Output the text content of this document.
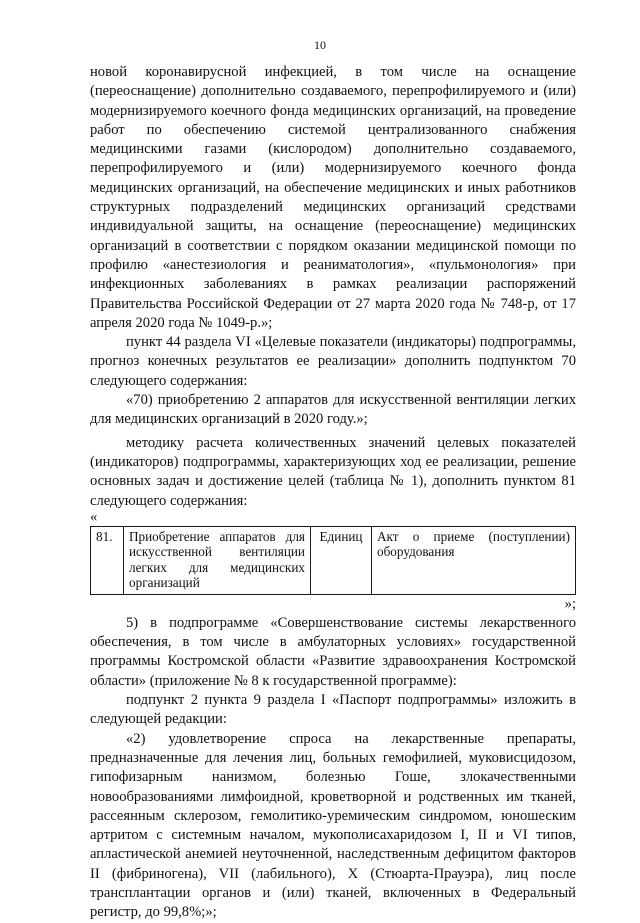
10

новой коронавирусной инфекцией, в том числе на оснащение (переоснащение) дополнительно создаваемого, перепрофилируемого и (или) модернизируемого коечного фонда медицинских организаций, на проведение работ по обеспечению системой централизованного снабжения медицинскими газами (кислородом) дополнительно создаваемого, перепрофилируемого и (или) модернизируемого коечного фонда медицинских организаций, на обеспечение медицинских и иных работников структурных подразделений медицинских организаций средствами индивидуальной защиты, на оснащение (переоснащение) медицинских организаций в соответствии с порядком оказании медицинской помощи по профилю «анестезиология и реаниматология», «пульмонология» при инфекционных заболеваниях в рамках реализации распоряжений Правительства Российской Федерации от 27 марта 2020 года № 748-р, от 17 апреля 2020 года № 1049-р.»;

пункт 44 раздела VI «Целевые показатели (индикаторы) подпрограммы, прогноз конечных результатов ее реализации» дополнить подпунктом 70 следующего содержания:

«70) приобретению 2 аппаратов для искусственной вентиляции легких для медицинских организаций в 2020 году.»;

методику расчета количественных значений целевых показателей (индикаторов) подпрограммы, характеризующих ход ее реализации, решение основных задач и достижение целей (таблица № 1), дополнить пунктом 81 следующего содержания:

«

81.	Приобретение аппаратов для искусственной вентиляции легких для медицинских организаций	Единиц	Акт о приеме (поступлении) оборудования

»;

5) в подпрограмме «Совершенствование системы лекарственного обеспечения, в том числе в амбулаторных условиях» государственной программы Костромской области «Развитие здравоохранения Костромской области» (приложение № 8 к государственной программе):

подпункт 2 пункта 9 раздела I «Паспорт подпрограммы» изложить в следующей редакции:

«2) удовлетворение спроса на лекарственные препараты, предназначенные для лечения лиц, больных гемофилией, муковисцидозом, гипофизарным нанизмом, болезнью Гоше, злокачественными новообразованиями лимфоидной, кроветворной и родственных им тканей, рассеянным склерозом, гемолитико-уремическим синдромом, юношеским артритом с системным началом, мукополисахаридозом I, II и VI типов, апластической анемией неуточненной, наследственным дефицитом факторов II (фибриногена), VII (лабильного), X (Стюарта-Прауэра), лиц после трансплантации органов и (или) тканей, включенных в Федеральный регистр, до 99,8%;»;
